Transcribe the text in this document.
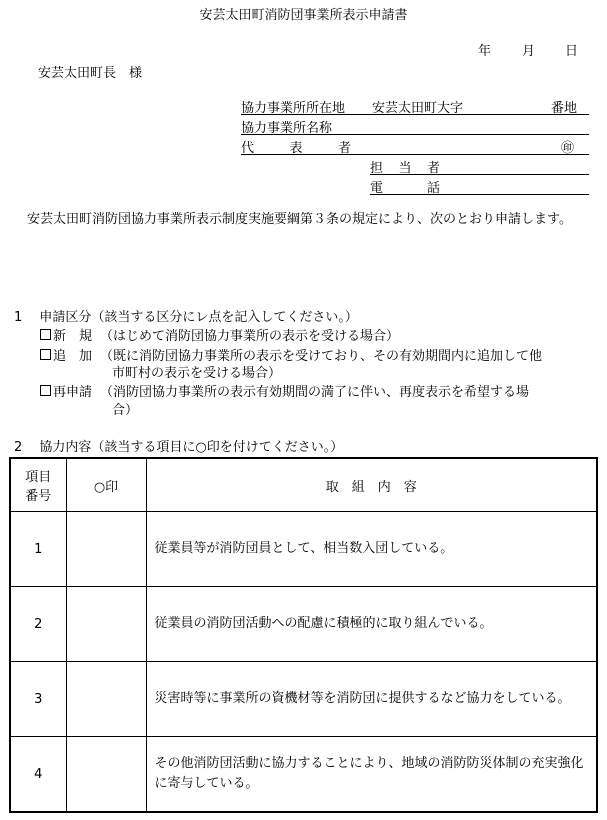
安芸太田町消防団事業所表示申請書
年 月 日
安芸太田町長　様
協力事業所所在地 安芸太田町大字	番地
協力事業所名称
代	表	者	㊞
担 当 者
電	話
　安芸太田町消防団協力事業所表示制度実施要綱第３条の規定により、次のとおり申請します。
1　 申請区分（該当する区分にレ点を記入してください。）
新　規 （はじめて消防団協力事業所の表示を受ける場合）
追　加 （既に消防団協力事業所の表示を受けており、その有効期間内に追加して他
市町村の表示を受ける場合）
再申請 （消防団協力事業所の表示有効期間の満了に伴い、再度表示を希望する場
合）
2　 協力内容（該当する項目に○印を付けてください。）
項目
番号	○印	取　組　内　容
1		従業員等が消防団員として、相当数入団している。
2		従業員の消防団活動への配慮に積極的に取り組んでいる。
3		災害時等に事業所の資機材等を消防団に提供するなど協力をしている。
4		その他消防団活動に協力することにより、地域の消防防災体制の充実強化に寄与している。
